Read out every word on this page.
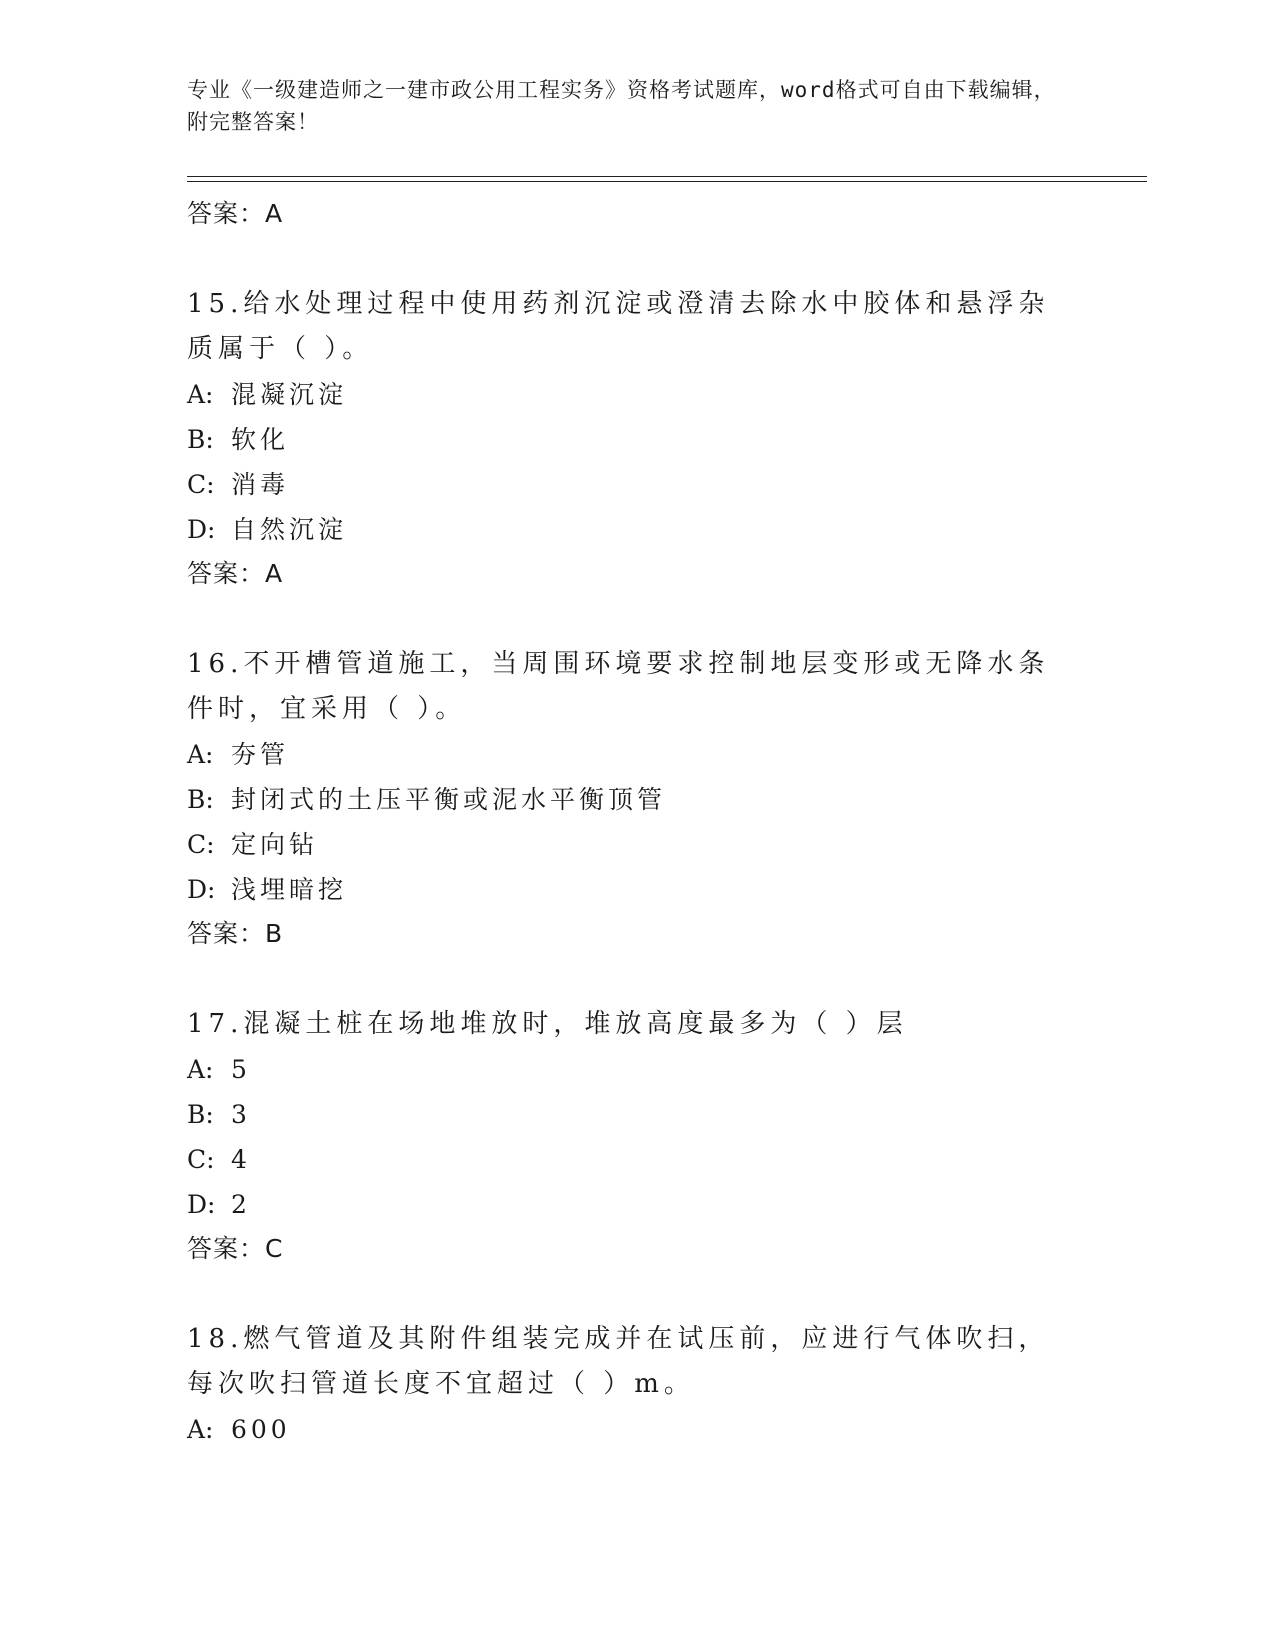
专业《一级建造师之一建市政公用工程实务》资格考试题库，word格式可自由下载编辑，附完整答案！
答案：A
15.给水处理过程中使用药剂沉淀或澄清去除水中胶体和悬浮杂质属于（ ）。
A: 混凝沉淀
B: 软化
C: 消毒
D: 自然沉淀
答案：A
16.不开槽管道施工，当周围环境要求控制地层变形或无降水条件时，宜采用（ ）。
A: 夯管
B: 封闭式的土压平衡或泥水平衡顶管
C: 定向钻
D: 浅埋暗挖
答案：B
17.混凝土桩在场地堆放时，堆放高度最多为（ ）层
A: 5
B: 3
C: 4
D: 2
答案：C
18.燃气管道及其附件组装完成并在试压前，应进行气体吹扫，每次吹扫管道长度不宜超过（ ）m。
A: 600
